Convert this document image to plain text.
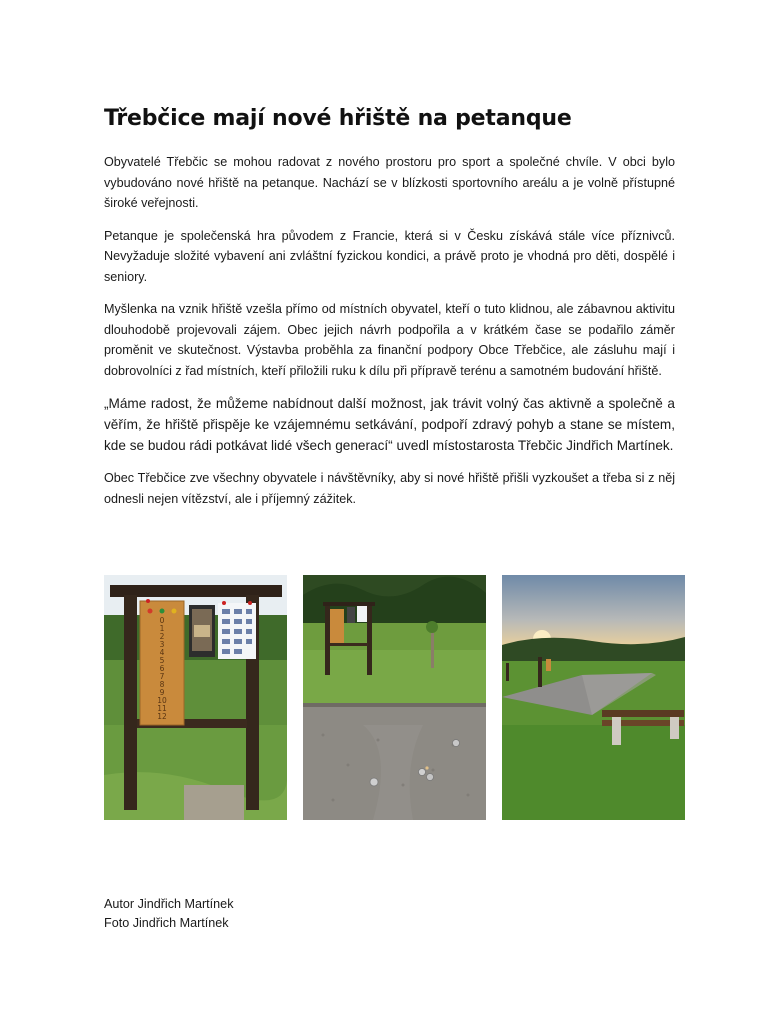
Třebčice mají nové hřiště na petanque

Obyvatelé Třebčic se mohou radovat z nového prostoru pro sport a společné chvíle. V obci bylo vybudováno nové hřiště na petanque. Nachází se v blízkosti sportovního areálu a je volně přístupné široké veřejnosti.

Petanque je společenská hra původem z Francie, která si v Česku získává stále více příznivců. Nevyžaduje složité vybavení ani zvláštní fyzickou kondici, a právě proto je vhodná pro děti, dospělé i seniory.

Myšlenka na vznik hřiště vzešla přímo od místních obyvatel, kteří o tuto klidnou, ale zábavnou aktivitu dlouhodobě projevovali zájem. Obec jejich návrh podpořila a v krátkém čase se podařilo záměr proměnit ve skutečnost. Výstavba proběhla za finanční podpory Obce Třebčice, ale zásluhu mají i dobrovolníci z řad místních, kteří přiložili ruku k dílu při přípravě terénu a samotném budování hřiště.

„Máme radost, že můžeme nabídnout další možnost, jak trávit volný čas aktivně a společně a věřím, že hřiště přispěje ke vzájemnému setkávání, podpoří zdravý pohyb a stane se místem, kde se budou rádi potkávat lidé všech generací“ uvedl místostarosta Třebčic Jindřich Martínek.

Obec Třebčice zve všechny obyvatele i návštěvníky, aby si nové hřiště přišli vyzkoušet a třeba si z něj odnesli nejen vítězství, ale i příjemný zážitek.

0
1
2
3
4
5
6
7
8
9
10
11
12
Autor Jindřich Martínek
Foto Jindřich Martínek
